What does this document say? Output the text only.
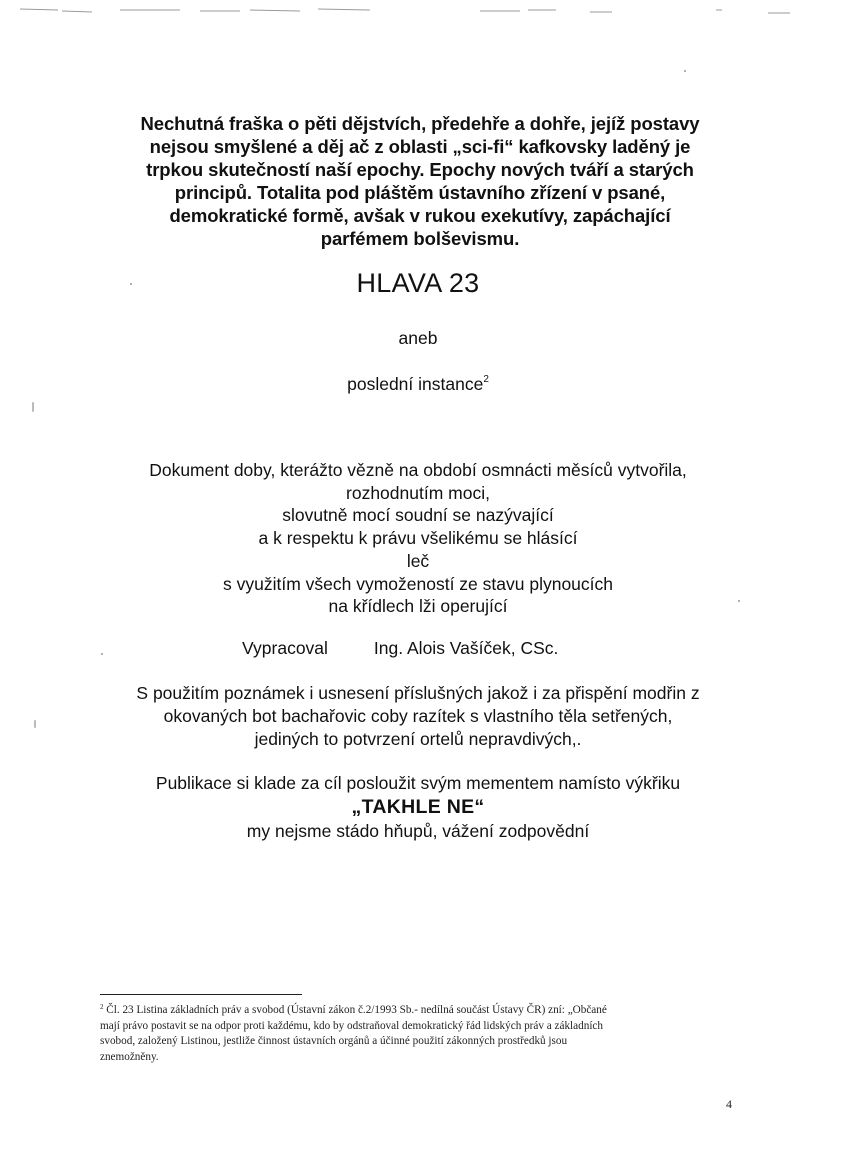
Nechutná fraška o pěti dějstvích, předehře a dohře, jejíž postavy
nejsou smyšlené a děj ač z oblasti „sci-fi“ kafkovsky laděný je
trpkou skutečností naší epochy. Epochy nových tváří a starých
principů. Totalita pod pláštěm ústavního zřízení v psané,
demokratické formě, avšak v rukou exekutívy, zapáchající
parfémem bolševismu.
HLAVA 23
aneb
poslední instance$^2$
Dokument doby, kterážto vězně na období osmnácti měsíců vytvořila,
rozhodnutím moci,
slovutně mocí soudní se nazývající
a k respektu k právu všelikému se hlásící
leč
s využitím všech vymožeností ze stavu plynoucích
na křídlech lži operující
Vypracoval	Ing. Alois Vašíček, CSc.
S použitím poznámek i usnesení příslušných jakož i za přispění modřin z
okovaných bot bachařovic coby razítek s vlastního těla setřených,
jediných to potvrzení ortelů nepravdivých,.
Publikace si klade za cíl posloužit svým mementem namísto výkřiku
„TAKHLE NE“
my nejsme stádo hňupů, vážení zodpovědní
$^2$ Čl. 23 Listina základních práv a svobod (Ústavní zákon č.2/1993 Sb.- nedílná součást Ústavy ČR) zní: „Občané
mají právo postavit se na odpor proti každému, kdo by odstraňoval demokratický řád lidských práv a základních
svobod, založený Listinou, jestliže činnost ústavních orgánů a účinné použití zákonných prostředků jsou
znemožněny.
4
